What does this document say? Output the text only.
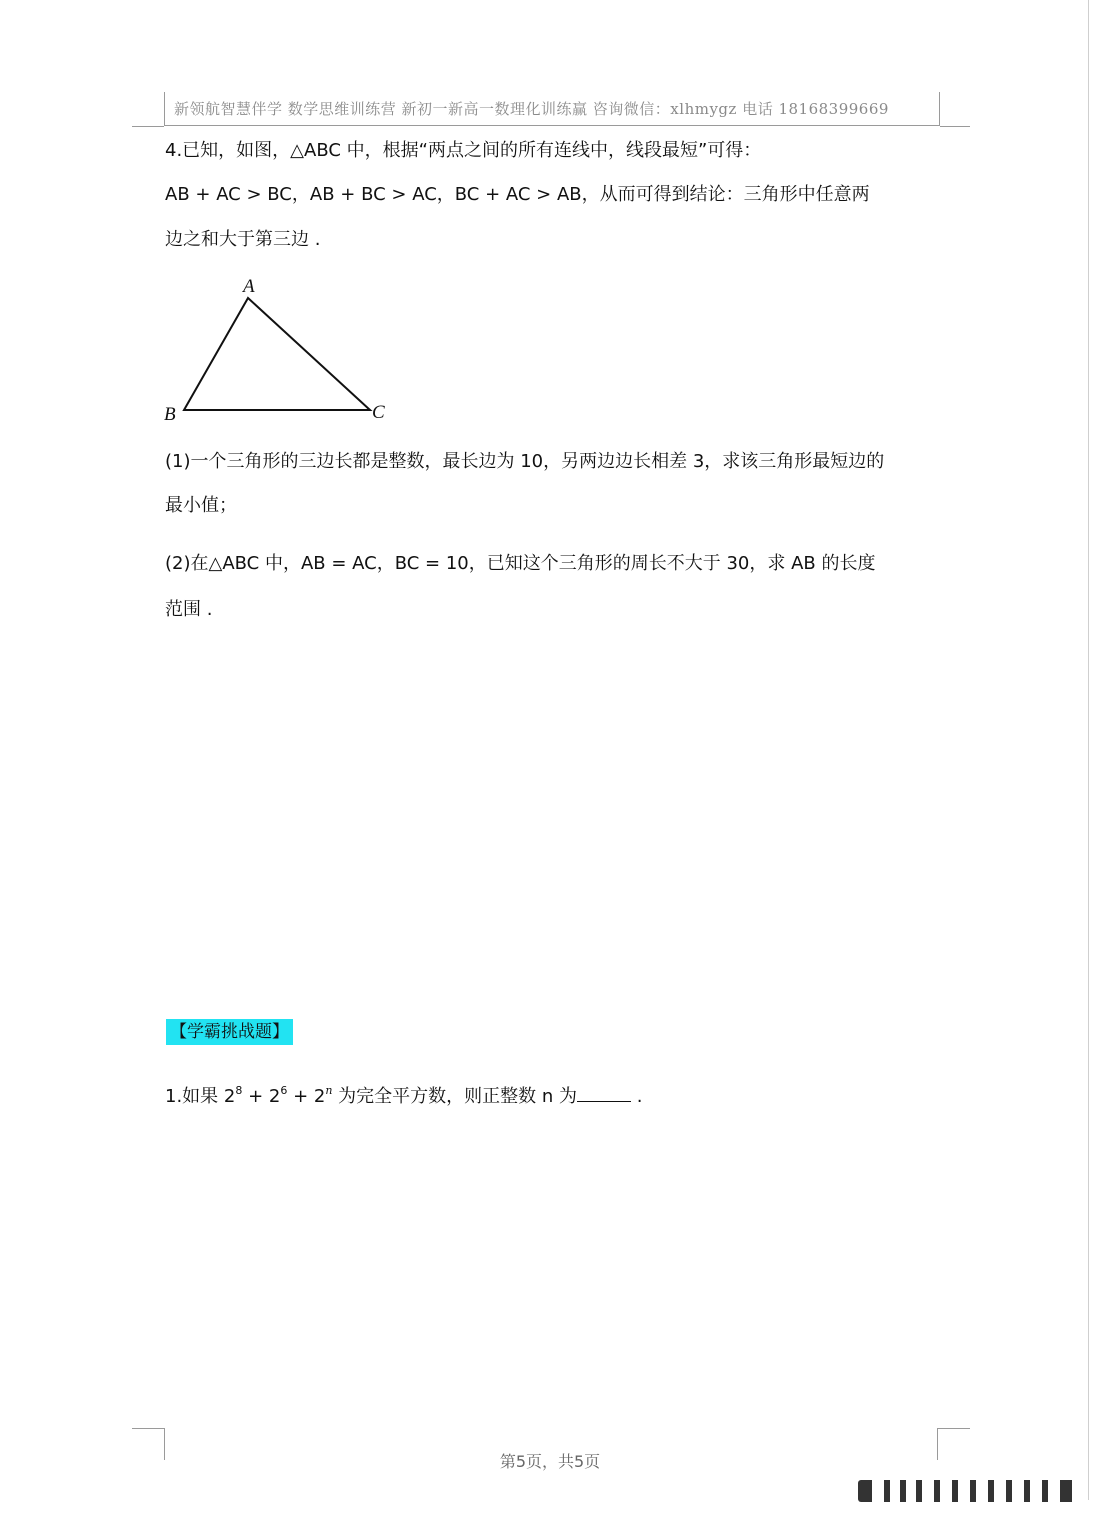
新领航智慧伴学 数学思维训练营 新初一新高一数理化训练赢 咨询微信：xlhmygz 电话 18168399669
4.已知，如图，△ABC 中，根据“两点之间的所有连线中，线段最短”可得：
AB + AC > BC，AB + BC > AC，BC + AC > AB，从而可得到结论：三角形中任意两
边之和大于第三边 .
A
B	C
(1)一个三角形的三边长都是整数，最长边为 10，另两边边长相差 3，求该三角形最短边的
最小值；
(2)在△ABC 中，AB = AC，BC = 10，已知这个三角形的周长不大于 30，求 AB 的长度
范围 .
【学霸挑战题】
1.如果 $2^8 + 2^6 + 2^n$ 为完全平方数，则正整数 n 为	.
第5页，共5页
